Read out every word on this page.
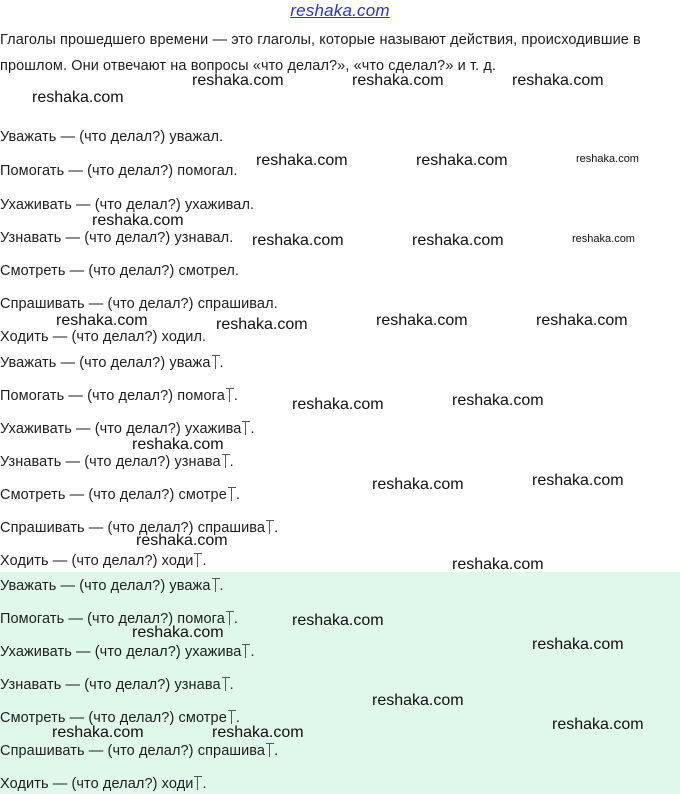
reshaka.com
Глаголы прошедшего времени — это глаголы, которые называют действия, происходившие в прошлом. Они отвечают на вопросы «что делал?», «что сделал?» и т. д.
Уважать — (что делал?) уважал.
Помогать — (что делал?) помогал.
Ухаживать — (что делал?) ухаживал.
Узнавать — (что делал?) узнавал.
Смотреть — (что делал?) смотрел.
Спрашивать — (что делал?) спрашивал.
Ходить — (что делал?) ходил.
Уважать — (что делал?) уважа .
Помогать — (что делал?) помога .
Ухаживать — (что делал?) ухажива .
Узнавать — (что делал?) узнава .
Смотреть — (что делал?) смотре .
Спрашивать — (что делал?) спрашива .
Ходить — (что делал?) ходи .
Уважать — (что делал?) уважа .
Помогать — (что делал?) помога .
Ухаживать — (что делал?) ухажива .
Узнавать — (что делал?) узнава .
Смотреть — (что делал?) смотре .
Спрашивать — (что делал?) спрашива .
Ходить — (что делал?) ходи .
reshaka.com	reshaka.com	reshaka.com
reshaka.com
reshaka.com	reshaka.com	reshaka.com
reshaka.com
reshaka.com	reshaka.com	reshaka.com
reshaka.com	reshaka.com	reshaka.com	reshaka.com
reshaka.com	reshaka.com
reshaka.com
reshaka.com	reshaka.com
reshaka.com
reshaka.com
reshaka.com
reshaka.com
reshaka.com
reshaka.com
reshaka.com
reshaka.com	reshaka.com
